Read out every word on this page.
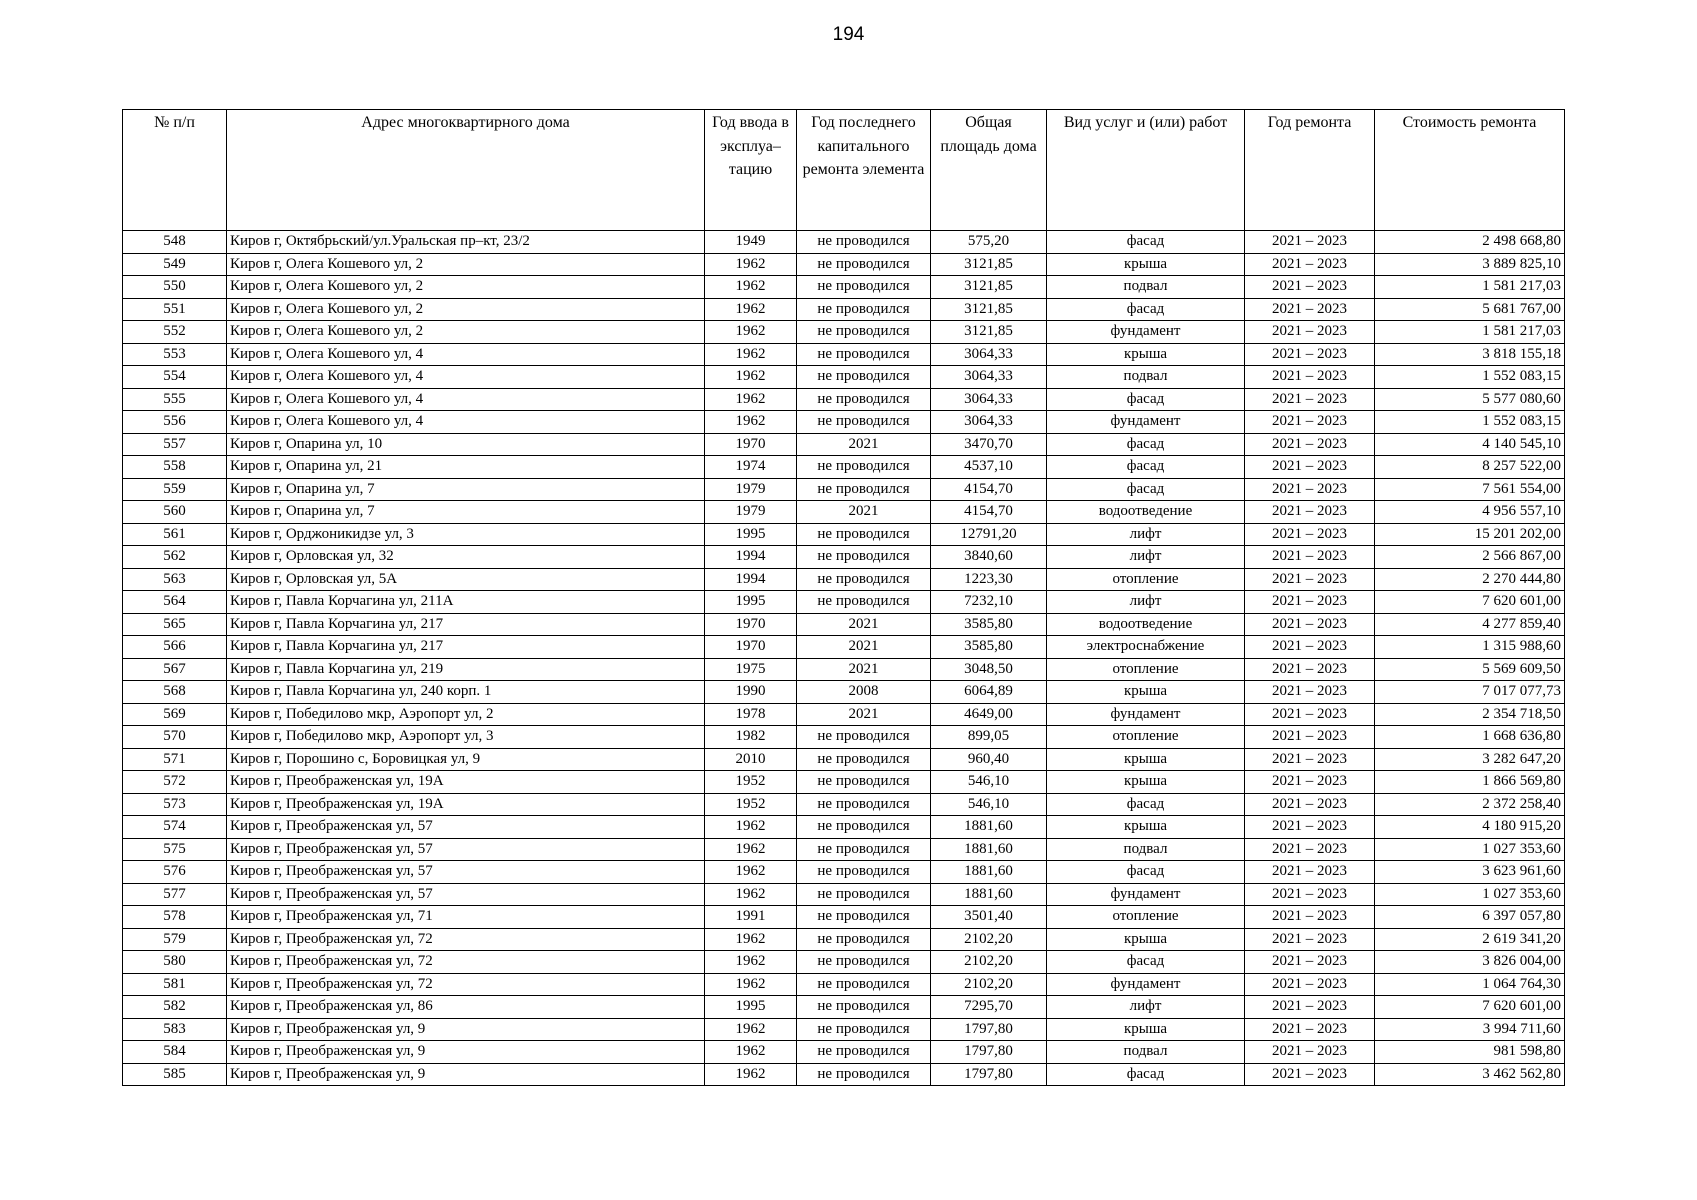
194
№ п/п	Адрес многоквартирного дома	Год ввода в эксплуа–тацию	Год последнего капитального ремонта элемента	Общая площадь дома	Вид услуг и (или) работ	Год ремонта	Стоимость ремонта
548	Киров г, Октябрьский/ул.Уральская пр–кт, 23/2	1949	не проводился	575,20	фасад	2021 – 2023	2 498 668,80
549	Киров г, Олега Кошевого ул, 2	1962	не проводился	3121,85	крыша	2021 – 2023	3 889 825,10
550	Киров г, Олега Кошевого ул, 2	1962	не проводился	3121,85	подвал	2021 – 2023	1 581 217,03
551	Киров г, Олега Кошевого ул, 2	1962	не проводился	3121,85	фасад	2021 – 2023	5 681 767,00
552	Киров г, Олега Кошевого ул, 2	1962	не проводился	3121,85	фундамент	2021 – 2023	1 581 217,03
553	Киров г, Олега Кошевого ул, 4	1962	не проводился	3064,33	крыша	2021 – 2023	3 818 155,18
554	Киров г, Олега Кошевого ул, 4	1962	не проводился	3064,33	подвал	2021 – 2023	1 552 083,15
555	Киров г, Олега Кошевого ул, 4	1962	не проводился	3064,33	фасад	2021 – 2023	5 577 080,60
556	Киров г, Олега Кошевого ул, 4	1962	не проводился	3064,33	фундамент	2021 – 2023	1 552 083,15
557	Киров г, Опарина ул, 10	1970	2021	3470,70	фасад	2021 – 2023	4 140 545,10
558	Киров г, Опарина ул, 21	1974	не проводился	4537,10	фасад	2021 – 2023	8 257 522,00
559	Киров г, Опарина ул, 7	1979	не проводился	4154,70	фасад	2021 – 2023	7 561 554,00
560	Киров г, Опарина ул, 7	1979	2021	4154,70	водоотведение	2021 – 2023	4 956 557,10
561	Киров г, Орджоникидзе ул, 3	1995	не проводился	12791,20	лифт	2021 – 2023	15 201 202,00
562	Киров г, Орловская ул, 32	1994	не проводился	3840,60	лифт	2021 – 2023	2 566 867,00
563	Киров г, Орловская ул, 5А	1994	не проводился	1223,30	отопление	2021 – 2023	2 270 444,80
564	Киров г, Павла Корчагина ул, 211А	1995	не проводился	7232,10	лифт	2021 – 2023	7 620 601,00
565	Киров г, Павла Корчагина ул, 217	1970	2021	3585,80	водоотведение	2021 – 2023	4 277 859,40
566	Киров г, Павла Корчагина ул, 217	1970	2021	3585,80	электроснабжение	2021 – 2023	1 315 988,60
567	Киров г, Павла Корчагина ул, 219	1975	2021	3048,50	отопление	2021 – 2023	5 569 609,50
568	Киров г, Павла Корчагина ул, 240 корп. 1	1990	2008	6064,89	крыша	2021 – 2023	7 017 077,73
569	Киров г, Победилово мкр, Аэропорт ул, 2	1978	2021	4649,00	фундамент	2021 – 2023	2 354 718,50
570	Киров г, Победилово мкр, Аэропорт ул, 3	1982	не проводился	899,05	отопление	2021 – 2023	1 668 636,80
571	Киров г, Порошино с, Боровицкая ул, 9	2010	не проводился	960,40	крыша	2021 – 2023	3 282 647,20
572	Киров г, Преображенская ул, 19А	1952	не проводился	546,10	крыша	2021 – 2023	1 866 569,80
573	Киров г, Преображенская ул, 19А	1952	не проводился	546,10	фасад	2021 – 2023	2 372 258,40
574	Киров г, Преображенская ул, 57	1962	не проводился	1881,60	крыша	2021 – 2023	4 180 915,20
575	Киров г, Преображенская ул, 57	1962	не проводился	1881,60	подвал	2021 – 2023	1 027 353,60
576	Киров г, Преображенская ул, 57	1962	не проводился	1881,60	фасад	2021 – 2023	3 623 961,60
577	Киров г, Преображенская ул, 57	1962	не проводился	1881,60	фундамент	2021 – 2023	1 027 353,60
578	Киров г, Преображенская ул, 71	1991	не проводился	3501,40	отопление	2021 – 2023	6 397 057,80
579	Киров г, Преображенская ул, 72	1962	не проводился	2102,20	крыша	2021 – 2023	2 619 341,20
580	Киров г, Преображенская ул, 72	1962	не проводился	2102,20	фасад	2021 – 2023	3 826 004,00
581	Киров г, Преображенская ул, 72	1962	не проводился	2102,20	фундамент	2021 – 2023	1 064 764,30
582	Киров г, Преображенская ул, 86	1995	не проводился	7295,70	лифт	2021 – 2023	7 620 601,00
583	Киров г, Преображенская ул, 9	1962	не проводился	1797,80	крыша	2021 – 2023	3 994 711,60
584	Киров г, Преображенская ул, 9	1962	не проводился	1797,80	подвал	2021 – 2023	981 598,80
585	Киров г, Преображенская ул, 9	1962	не проводился	1797,80	фасад	2021 – 2023	3 462 562,80
